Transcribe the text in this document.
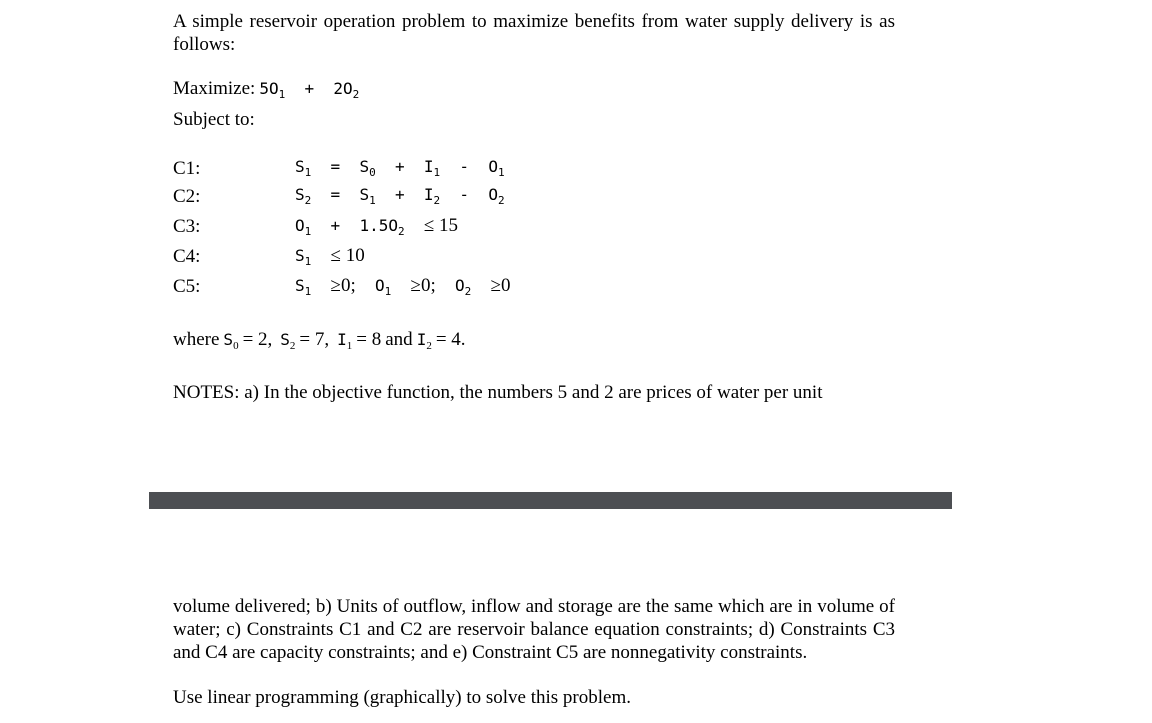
A simple reservoir operation problem to maximize benefits from water supply delivery is as follows:
Maximize: $5O_1 + 2O_2$
Subject to:
C1:
C2:
C3:
C4:
C5:
$S_1 = S_0 + I_1 - O_1$
$S_2 = S_1 + I_2 - O_2$
$O_1 + 1.5O_2 \le 15$
$S_1 \le 10$
$S_1 \ge 0$; $O_1 \ge 0$; $O_2 \ge 0$
where $S_0 = 2$, $S_2 = 7$, $I_1 = 8$ and $I_2 = 4$.
NOTES: a) In the objective function, the numbers 5 and 2 are prices of water per unit
volume delivered; b) Units of outflow, inflow and storage are the same which are in volume of water; c) Constraints C1 and C2 are reservoir balance equation constraints; d) Constraints C3 and C4 are capacity constraints; and e) Constraint C5 are nonnegativity constraints.
Use linear programming (graphically) to solve this problem.
